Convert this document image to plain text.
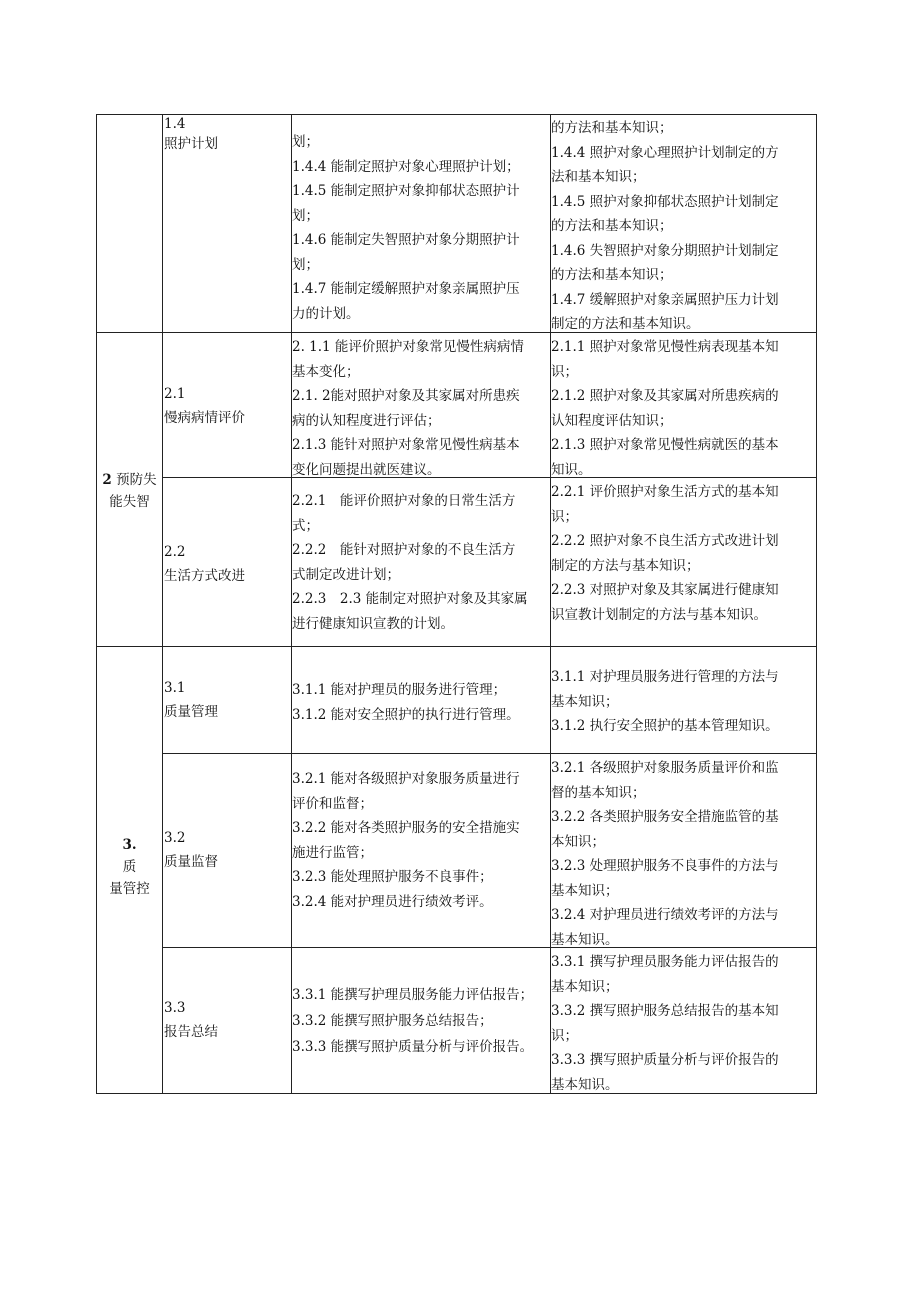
1.4

照护计划	划；

1.4.4 能制定照护对象心理照护计划；

1.4.5 能制定照护对象抑郁状态照护计

划；

1.4.6 能制定失智照护对象分期照护计

划；

1.4.7 能制定缓解照护对象亲属照护压

力的计划。

的方法和基本知识；

1.4.4 照护对象心理照护计划制定的方

法和基本知识；

1.4.5 照护对象抑郁状态照护计划制定

的方法和基本知识；

1.4.6 失智照护对象分期照护计划制定

的方法和基本知识；

1.4.7 缓解照护对象亲属照护压力计划

制定的方法和基本知识。

2 预防失

能失智

2.1

慢病病情评价

2. 1.1 能评价照护对象常见慢性病病情

基本变化；

2.1. 2能对照护对象及其家属对所患疾

病的认知程度进行评估；

2.1.3 能针对照护对象常见慢性病基本

变化问题提出就医建议。

2.1.1 照护对象常见慢性病表现基本知

识；

2.1.2 照护对象及其家属对所患疾病的

认知程度评估知识；

2.1.3 照护对象常见慢性病就医的基本

知识。

2.2

生活方式改进

2.2.1　能评价照护对象的日常生活方

式；

2.2.2　能针对照护对象的不良生活方

式制定改进计划；

2.2.3　2.3 能制定对照护对象及其家属

进行健康知识宣教的计划。

2.2.1 评价照护对象生活方式的基本知

识；

2.2.2 照护对象不良生活方式改进计划

制定的方法与基本知识；

2.2.3 对照护对象及其家属进行健康知

识宣教计划制定的方法与基本知识。

3.

质

量管控

3.1

质量管理

3.1.1 能对护理员的服务进行管理；

3.1.2 能对安全照护的执行进行管理。

3.1.1 对护理员服务进行管理的方法与

基本知识；

3.1.2 执行安全照护的基本管理知识。

3.2

质量监督

3.2.1 能对各级照护对象服务质量进行

评价和监督；

3.2.2 能对各类照护服务的安全措施实

施进行监管；

3.2.3 能处理照护服务不良事件；

3.2.4 能对护理员进行绩效考评。

3.2.1 各级照护对象服务质量评价和监

督的基本知识；

3.2.2 各类照护服务安全措施监管的基

本知识；

3.2.3 处理照护服务不良事件的方法与

基本知识；

3.2.4 对护理员进行绩效考评的方法与

基本知识。

3.3

报告总结

3.3.1 能撰写护理员服务能力评估报告；

3.3.2 能撰写照护服务总结报告；

3.3.3 能撰写照护质量分析与评价报告。

3.3.1 撰写护理员服务能力评估报告的

基本知识；

3.3.2 撰写照护服务总结报告的基本知

识；

3.3.3 撰写照护质量分析与评价报告的

基本知识。
